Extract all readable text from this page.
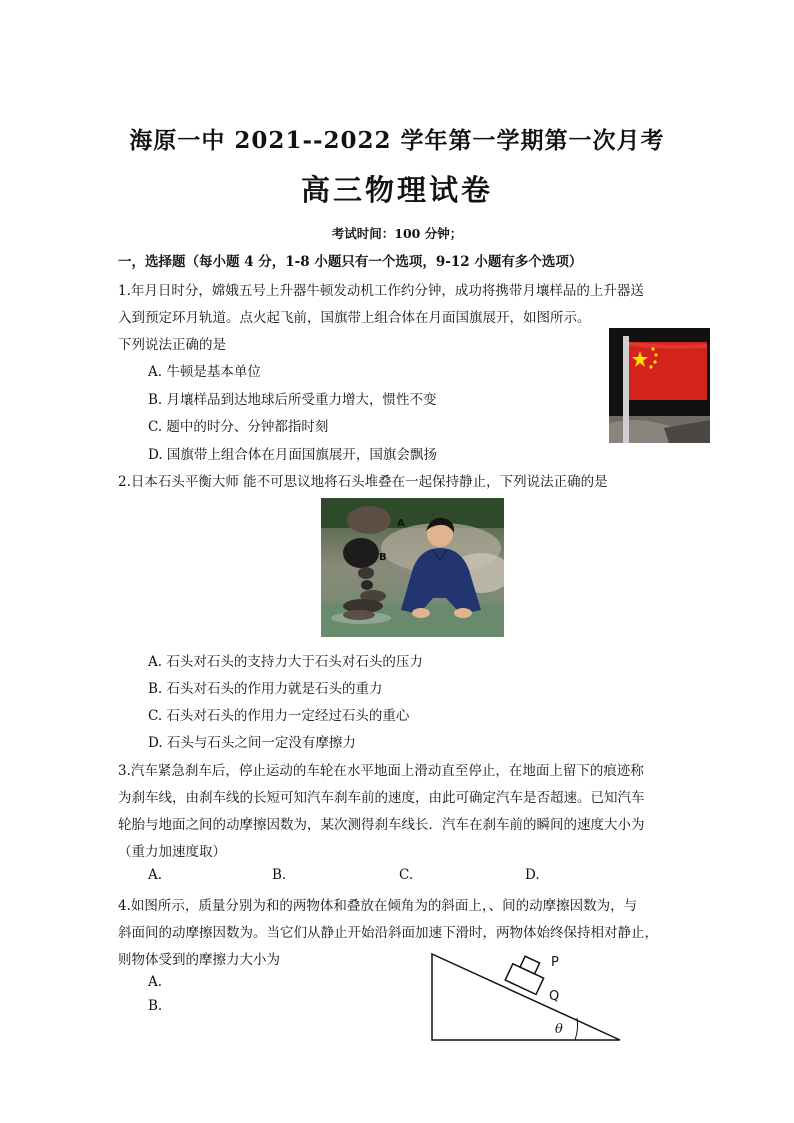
海原一中 2021--2022 学年第一学期第一次月考
高三物理试卷
考试时间：100 分钟；
一，选择题（每小题 4 分，1-8 小题只有一个选项，9-12 小题有多个选项）
1.年月日时分，嫦娥五号上升器牛顿发动机工作约分钟，成功将携带月壤样品的上升器送
入到预定环月轨道。点火起飞前，国旗带上组合体在月面国旗展开，如图所示。
下列说法正确的是
A. 牛顿是基本单位
B. 月壤样品到达地球后所受重力增大，惯性不变
C. 题中的时分、分钟都指时刻
D. 国旗带上组合体在月面国旗展开，国旗会飘扬
2.日本石头平衡大师 能不可思议地将石头堆叠在一起保持静止，下列说法正确的是
A
B
A. 石头对石头的支持力大于石头对石头的压力
B. 石头对石头的作用力就是石头的重力
C. 石头对石头的作用力一定经过石头的重心
D. 石头与石头之间一定没有摩擦力
3.汽车紧急刹车后，停止运动的车轮在水平地面上滑动直至停止，在地面上留下的痕迹称
为刹车线，由刹车线的长短可知汽车刹车前的速度，由此可确定汽车是否超速。已知汽车
轮胎与地面之间的动摩擦因数为，某次测得刹车线长．汽车在刹车前的瞬间的速度大小为
（重力加速度取）
A.	B.	C.	D.
4.如图所示，质量分别为和的两物体和叠放在倾角为的斜面上，、间的动摩擦因数为，与
斜面间的动摩擦因数为。当它们从静止开始沿斜面加速下滑时，两物体始终保持相对静止，
则物体受到的摩擦力大小为
A.
B.
P
Q
θ
